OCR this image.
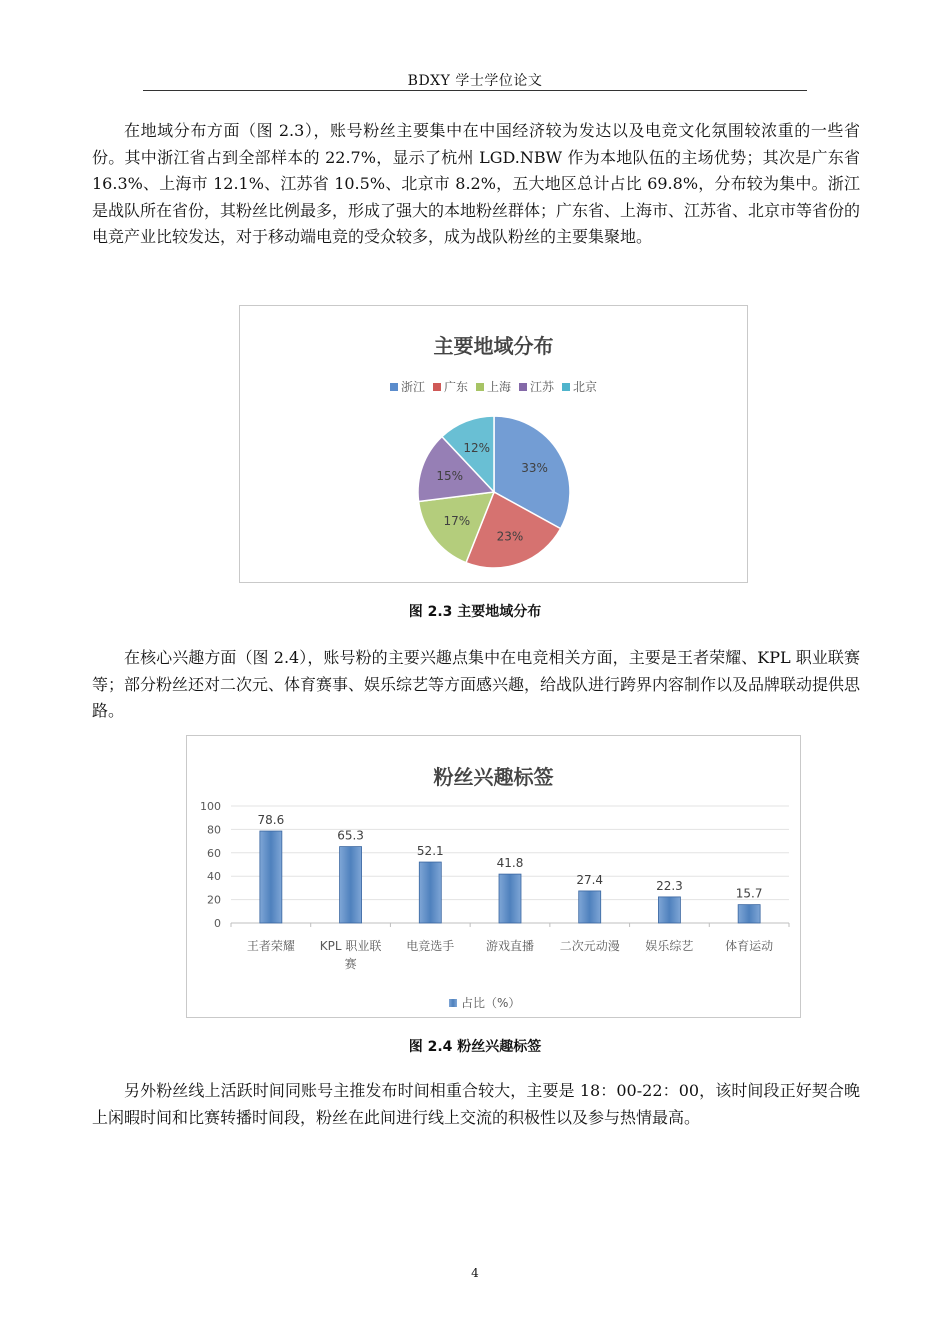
BDXY 学士学位论文

在地域分布方面（图 2.3），账号粉丝主要集中在中国经济较为发达以及电竞文化氛围较浓重的一些省份。其中浙江省占到全部样本的 22.7%，显示了杭州 LGD.NBW 作为本地队伍的主场优势；其次是广东省 16.3%、上海市 12.1%、江苏省 10.5%、北京市 8.2%，五大地区总计占比 69.8%，分布较为集中。浙江是战队所在省份，其粉丝比例最多，形成了强大的本地粉丝群体；广东省、上海市、江苏省、北京市等省份的电竞产业比较发达，对于移动端电竞的受众较多，成为战队粉丝的主要集聚地。

主要地域分布
浙江 广东 上海 江苏 北京
33%
23%
17%
15%
12%
图 2.3 主要地域分布

在核心兴趣方面（图 2.4），账号粉的主要兴趣点集中在电竞相关方面，主要是王者荣耀、KPL 职业联赛等；部分粉丝还对二次元、体育赛事、娱乐综艺等方面感兴趣，给战队进行跨界内容制作以及品牌联动提供思路。

粉丝兴趣标签
0
20
40
60
80
100
78.6
王者荣耀
65.3
KPL 职业联
赛
52.1
电竞选手
41.8
游戏直播
27.4
二次元动漫
22.3
娱乐综艺
15.7
体育运动
占比（%）
图 2.4 粉丝兴趣标签

另外粉丝线上活跃时间同账号主推发布时间相重合较大，主要是 18：00-22：00，该时间段正好契合晚上闲暇时间和比赛转播时间段，粉丝在此间进行线上交流的积极性以及参与热情最高。

4
